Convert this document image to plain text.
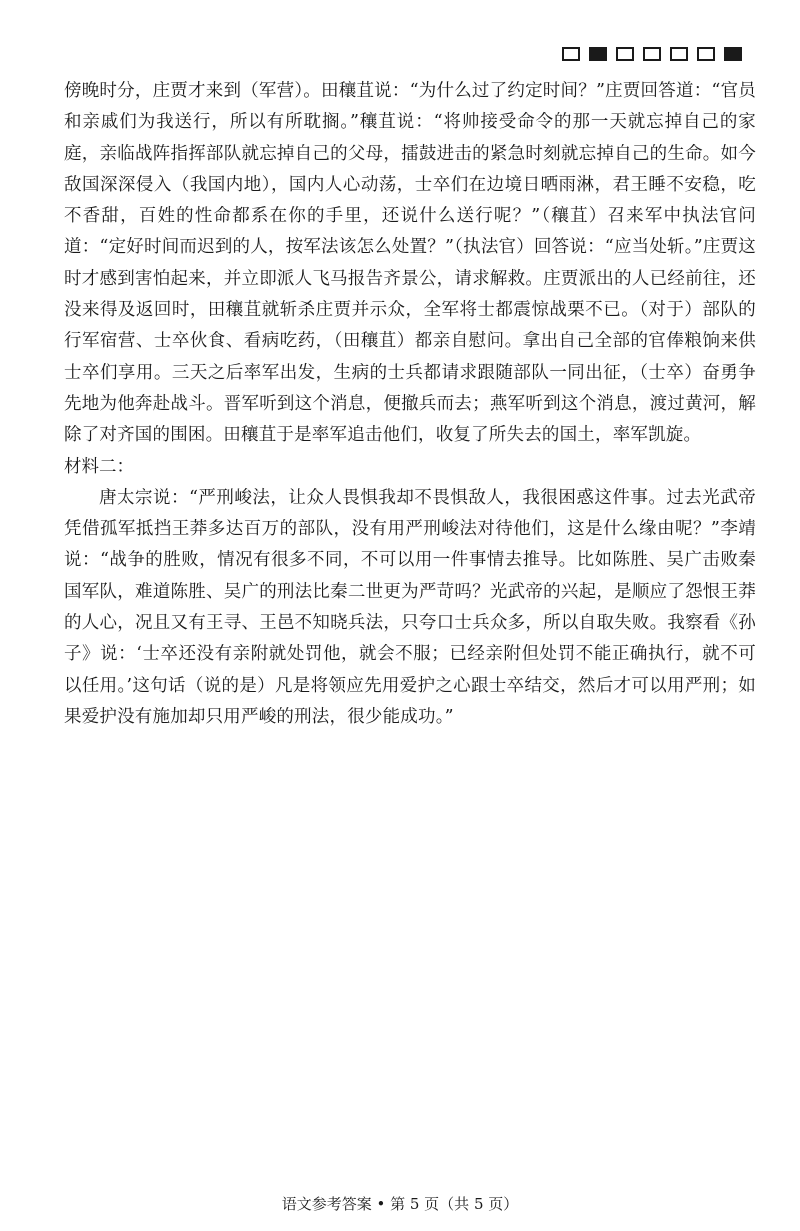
傍晚时分，庄贾才来到（军营）。田穰苴说：“为什么过了约定时间？”庄贾回答道：“官员和亲戚们为我送行，所以有所耽搁。”穰苴说：“将帅接受命令的那一天就忘掉自己的家庭，亲临战阵指挥部队就忘掉自己的父母，擂鼓进击的紧急时刻就忘掉自己的生命。如今敌国深深侵入（我国内地），国内人心动荡，士卒们在边境日晒雨淋，君王睡不安稳，吃不香甜，百姓的性命都系在你的手里，还说什么送行呢？”（穰苴）召来军中执法官问道：“定好时间而迟到的人，按军法该怎么处置？”（执法官）回答说：“应当处斩。”庄贾这时才感到害怕起来，并立即派人飞马报告齐景公，请求解救。庄贾派出的人已经前往，还没来得及返回时，田穰苴就斩杀庄贾并示众，全军将士都震惊战栗不已。（对于）部队的行军宿营、士卒伙食、看病吃药，（田穰苴）都亲自慰问。拿出自己全部的官俸粮饷来供士卒们享用。三天之后率军出发，生病的士兵都请求跟随部队一同出征，（士卒）奋勇争先地为他奔赴战斗。晋军听到这个消息，便撤兵而去；燕军听到这个消息，渡过黄河，解除了对齐国的围困。田穰苴于是率军追击他们，收复了所失去的国土，率军凯旋。

材料二：

唐太宗说：“严刑峻法，让众人畏惧我却不畏惧敌人，我很困惑这件事。过去光武帝凭借孤军抵挡王莽多达百万的部队，没有用严刑峻法对待他们，这是什么缘由呢？”李靖说：“战争的胜败，情况有很多不同，不可以用一件事情去推导。比如陈胜、吴广击败秦国军队，难道陈胜、吴广的刑法比秦二世更为严苛吗？光武帝的兴起，是顺应了怨恨王莽的人心，况且又有王寻、王邑不知晓兵法，只夸口士兵众多，所以自取失败。我察看《孙子》说：‘士卒还没有亲附就处罚他，就会不服；已经亲附但处罚不能正确执行，就不可以任用。’这句话（说的是）凡是将领应先用爱护之心跟士卒结交，然后才可以用严刑；如果爱护没有施加却只用严峻的刑法，很少能成功。”

语文参考答案 • 第 5 页（共 5 页）
